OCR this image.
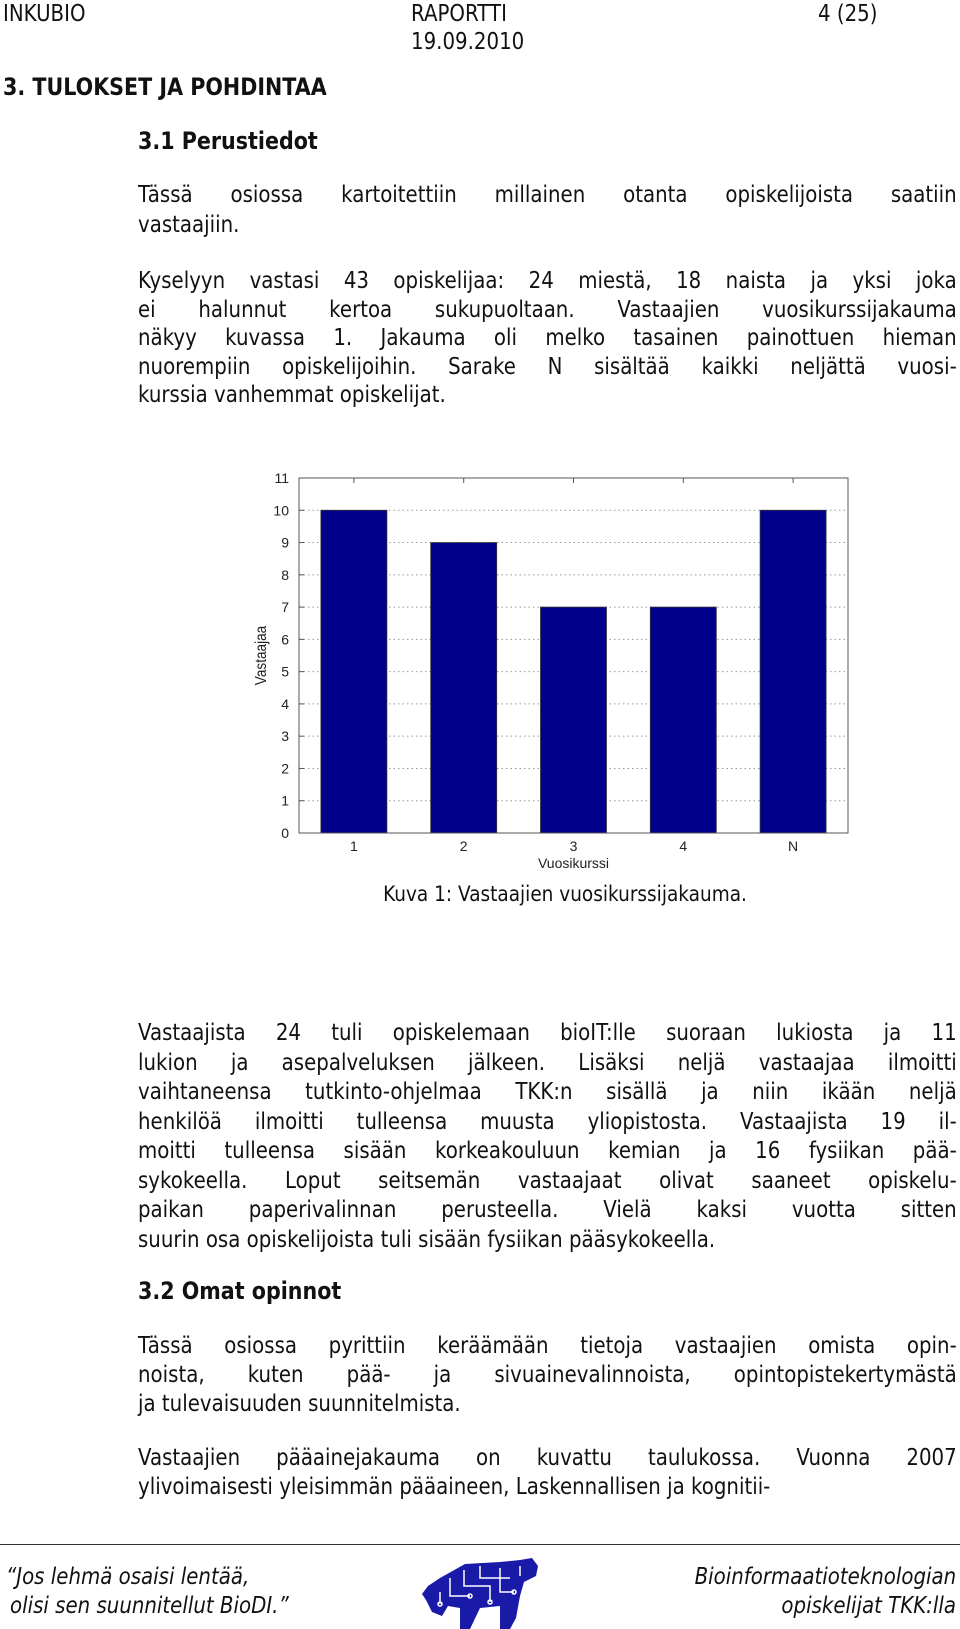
INKUBIO	RAPORTTI
19.09.2010
4 (25)
3. TULOKSET JA POHDINTAA
3.1 Perustiedot
3.2 Omat opinnot
Tässä osiossa kartoitettiin millainen otanta opiskelijoista saatiin
vastaajiin.
Kyselyyn vastasi 43 opiskelijaa: 24 miestä, 18 naista ja yksi joka
ei halunnut kertoa sukupuoltaan. Vastaajien vuosikurssijakauma
näkyy kuvassa 1. Jakauma oli melko tasainen painottuen hieman
nuorempiin opiskelijoihin. Sarake N sisältää kaikki neljättä vuosi-
kurssia vanhemmat opiskelijat.
Vastaajista 24 tuli opiskelemaan bioIT:lle suoraan lukiosta ja 11
lukion ja asepalveluksen jälkeen. Lisäksi neljä vastaajaa ilmoitti
vaihtaneensa tutkinto-ohjelmaa TKK:n sisällä ja niin ikään neljä
henkilöä ilmoitti tulleensa muusta yliopistosta. Vastaajista 19 il-
moitti tulleensa sisään korkeakouluun kemian ja 16 fysiikan pää-
sykokeella. Loput seitsemän vastaajaat olivat saaneet opiskelu-
paikan paperivalinnan perusteella. Vielä kaksi vuotta sitten
suurin osa opiskelijoista tuli sisään fysiikan pääsykokeella.
Tässä osiossa pyrittiin keräämään tietoja vastaajien omista opin-
noista, kuten pää- ja sivuainevalinnoista, opintopistekertymästä
ja tulevaisuuden suunnitelmista.
Vastaajien pääainejakauma on kuvattu taulukossa. Vuonna 2007
ylivoimaisesti yleisimmän pääaineen, Laskennallisen ja kognitii-
0
1
2
3
4
5
6
7
8
9
10
11
1	2	3	4	N
Vuosikurssi
Vastaajaa
Kuva 1: Vastaajien vuosikurssijakauma.
“Jos lehmä osaisi lentää,
olisi sen suunnitellut BioDI.”
Bioinformaatioteknologian
opiskelijat TKK:lla
